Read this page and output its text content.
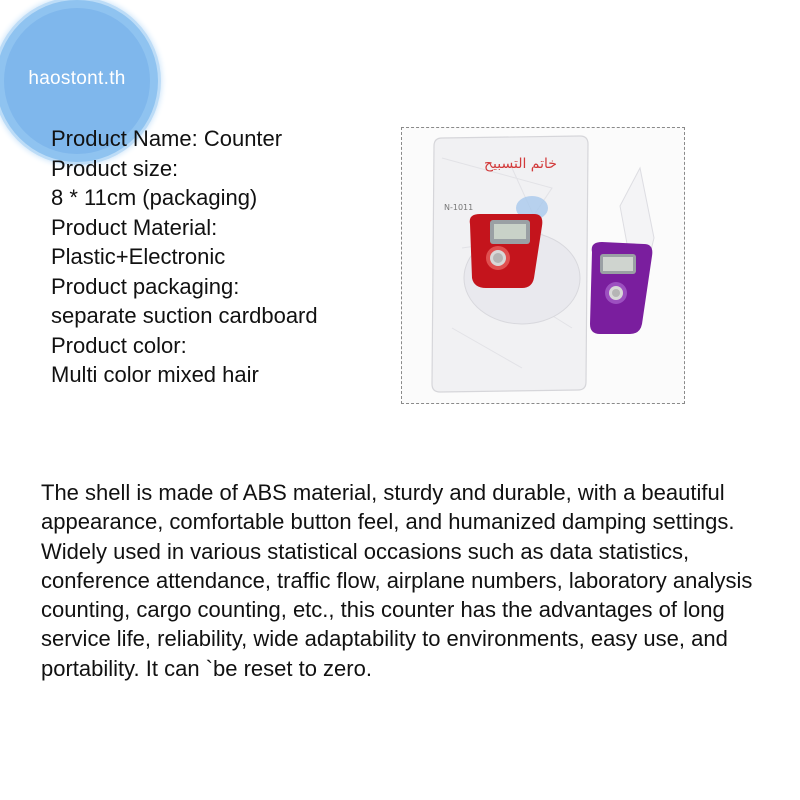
haostont.th
Product Name: Counter
Product size:
8 * 11cm (packaging)
Product Material:
Plastic+Electronic
Product packaging:
separate suction cardboard
Product color:
Multi color mixed hair
خاتم التسبيح
N-1011

The shell is made of ABS material, sturdy and durable, with a beautiful appearance, comfortable button feel, and humanized damping settings. Widely used in various statistical occasions such as data statistics, conference attendance, traffic flow, airplane numbers, laboratory analysis counting, cargo counting, etc., this counter has the advantages of long service life, reliability, wide adaptability to environments, easy use, and portability. It can `be reset to zero.
